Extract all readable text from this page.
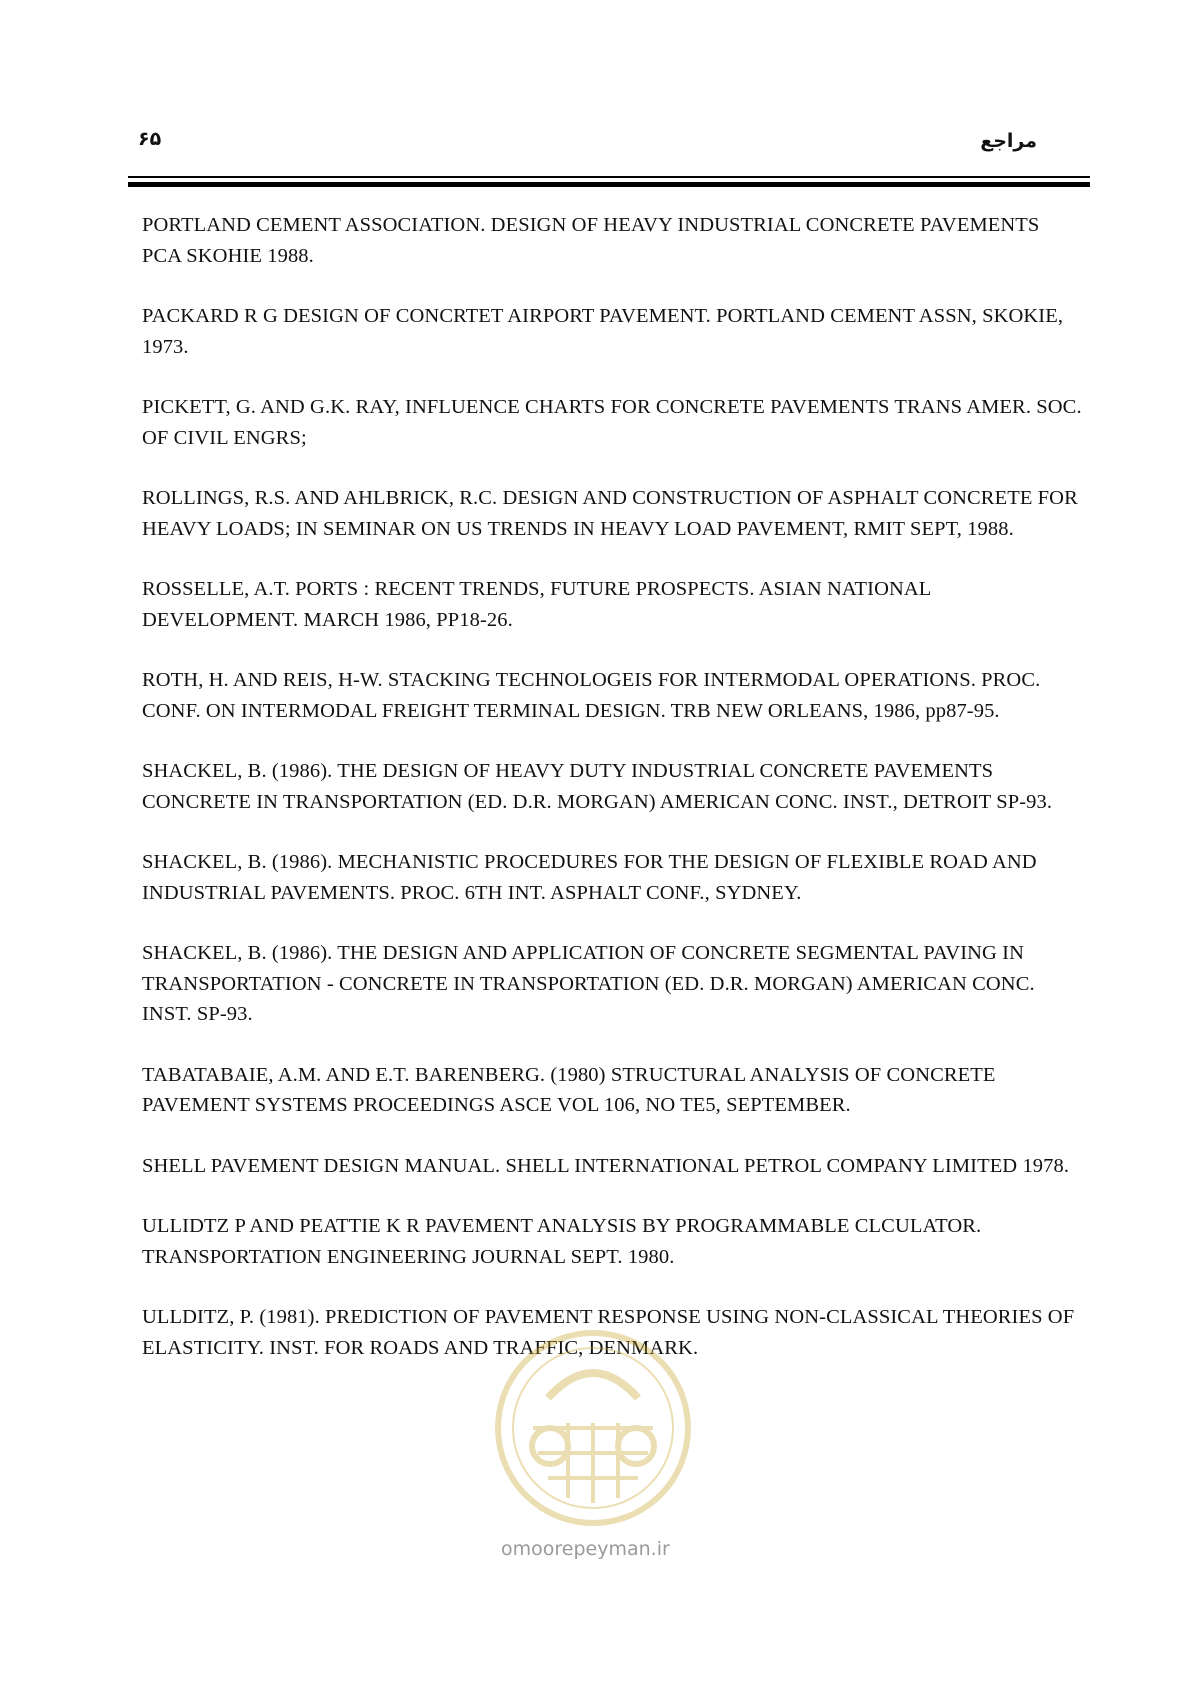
۶۵	مراجع

PORTLAND CEMENT ASSOCIATION. DESIGN OF HEAVY INDUSTRIAL CONCRETE PAVEMENTS PCA SKOHIE 1988.

PACKARD R G DESIGN OF CONCRTET AIRPORT PAVEMENT. PORTLAND CEMENT ASSN, SKOKIE, 1973.

PICKETT, G. AND G.K. RAY, INFLUENCE CHARTS FOR CONCRETE PAVEMENTS TRANS AMER. SOC. OF CIVIL ENGRS;

ROLLINGS, R.S. AND AHLBRICK, R.C. DESIGN AND CONSTRUCTION OF ASPHALT CONCRETE FOR HEAVY LOADS; IN SEMINAR ON US TRENDS IN HEAVY LOAD PAVEMENT, RMIT SEPT, 1988.

ROSSELLE, A.T. PORTS : RECENT TRENDS, FUTURE PROSPECTS. ASIAN NATIONAL DEVELOPMENT. MARCH 1986, PP18-26.

ROTH, H. AND REIS, H-W. STACKING TECHNOLOGEIS FOR INTERMODAL OPERATIONS. PROC. CONF. ON INTERMODAL FREIGHT TERMINAL DESIGN. TRB NEW ORLEANS, 1986, pp87-95.

SHACKEL, B. (1986). THE DESIGN OF HEAVY DUTY INDUSTRIAL CONCRETE PAVEMENTS CONCRETE IN TRANSPORTATION (ED. D.R. MORGAN) AMERICAN CONC. INST., DETROIT SP-93.

SHACKEL, B. (1986). MECHANISTIC PROCEDURES FOR THE DESIGN OF FLEXIBLE ROAD AND INDUSTRIAL PAVEMENTS. PROC. 6TH INT. ASPHALT CONF., SYDNEY.

SHACKEL, B. (1986). THE DESIGN AND APPLICATION OF CONCRETE SEGMENTAL PAVING IN TRANSPORTATION - CONCRETE IN TRANSPORTATION (ED. D.R. MORGAN) AMERICAN CONC. INST. SP-93.

TABATABAIE, A.M. AND E.T. BARENBERG. (1980) STRUCTURAL ANALYSIS OF CONCRETE PAVEMENT SYSTEMS PROCEEDINGS ASCE VOL 106, NO TE5, SEPTEMBER.

SHELL PAVEMENT DESIGN MANUAL. SHELL INTERNATIONAL PETROL COMPANY LIMITED 1978.

ULLIDTZ P AND PEATTIE K R PAVEMENT ANALYSIS BY PROGRAMMABLE CLCULATOR. TRANSPORTATION ENGINEERING JOURNAL SEPT. 1980.

ULLDITZ, P. (1981). PREDICTION OF PAVEMENT RESPONSE USING NON-CLASSICAL THEORIES OF ELASTICITY. INST. FOR ROADS AND TRAFFIC, DENMARK.

omoorepeyman.ir
